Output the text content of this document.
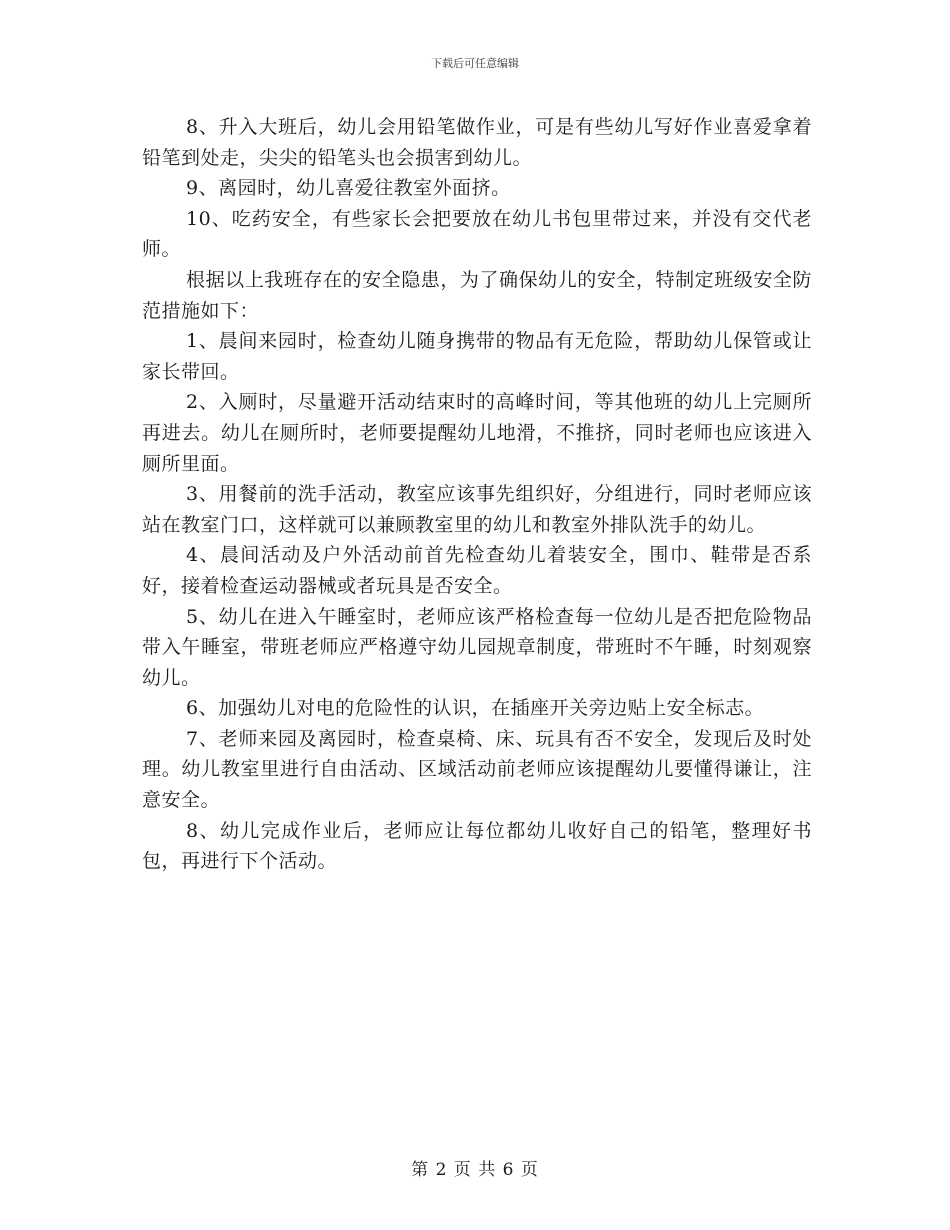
下载后可任意编辑

8、升入大班后，幼儿会用铅笔做作业，可是有些幼儿写好作业喜爱拿着铅笔到处走，尖尖的铅笔头也会损害到幼儿。

9、离园时，幼儿喜爱往教室外面挤。

10、吃药安全，有些家长会把要放在幼儿书包里带过来，并没有交代老师。

根据以上我班存在的安全隐患，为了确保幼儿的安全，特制定班级安全防范措施如下：

1、晨间来园时，检查幼儿随身携带的物品有无危险，帮助幼儿保管或让家长带回。

2、入厕时，尽量避开活动结束时的高峰时间，等其他班的幼儿上完厕所再进去。幼儿在厕所时，老师要提醒幼儿地滑，不推挤，同时老师也应该进入厕所里面。

3、用餐前的洗手活动，教室应该事先组织好，分组进行，同时老师应该站在教室门口，这样就可以兼顾教室里的幼儿和教室外排队洗手的幼儿。

4、晨间活动及户外活动前首先检查幼儿着装安全，围巾、鞋带是否系好，接着检查运动器械或者玩具是否安全。

5、幼儿在进入午睡室时，老师应该严格检查每一位幼儿是否把危险物品带入午睡室，带班老师应严格遵守幼儿园规章制度，带班时不午睡，时刻观察幼儿。

6、加强幼儿对电的危险性的认识，在插座开关旁边贴上安全标志。

7、老师来园及离园时，检查桌椅、床、玩具有否不安全，发现后及时处理。幼儿教室里进行自由活动、区域活动前老师应该提醒幼儿要懂得谦让，注意安全。

8、幼儿完成作业后，老师应让每位都幼儿收好自己的铅笔，整理好书包，再进行下个活动。

第 2 页 共 6 页
